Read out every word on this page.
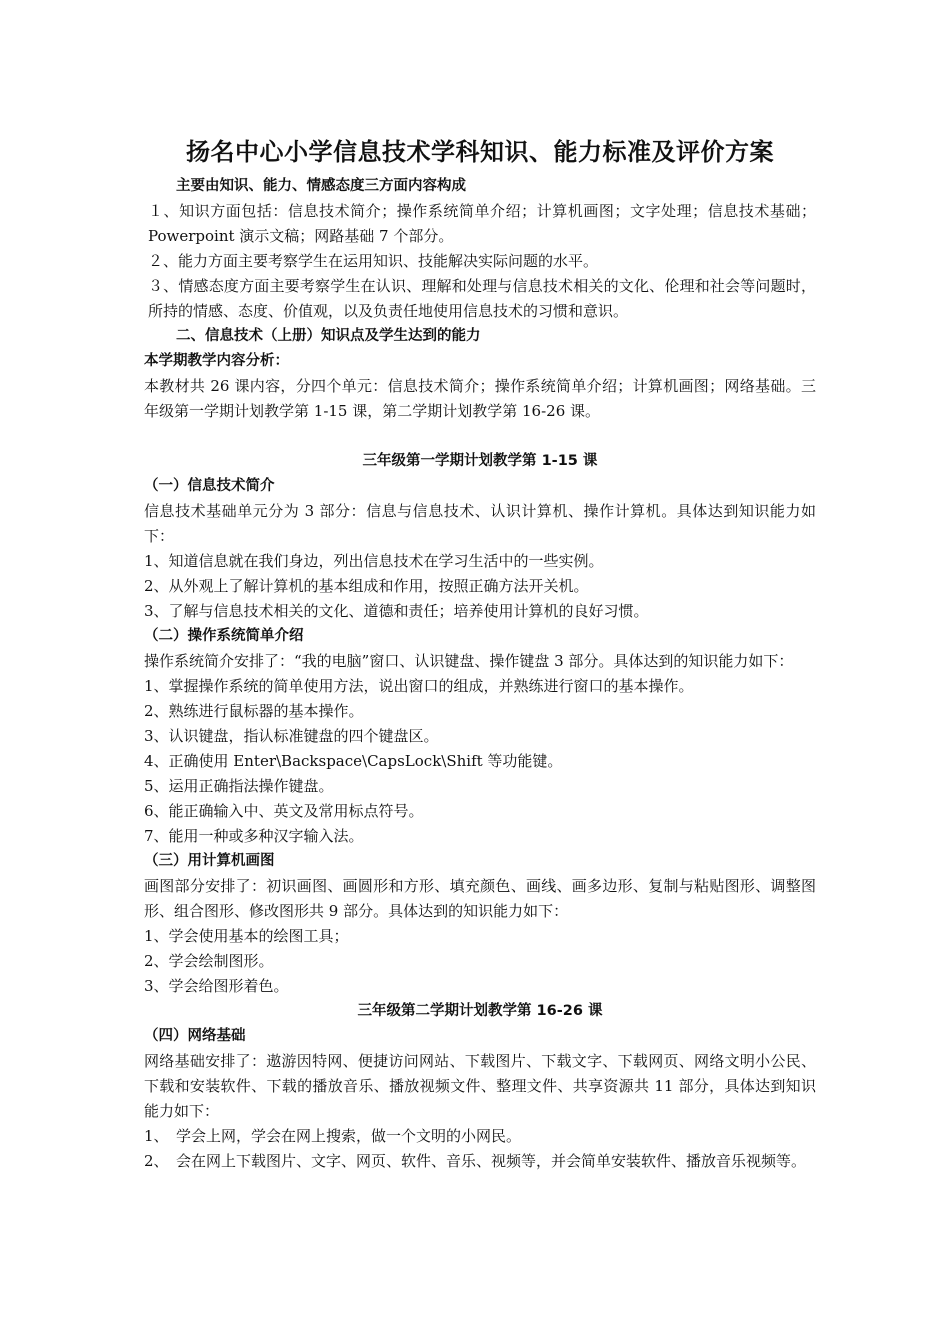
扬名中心小学信息技术学科知识、能力标准及评价方案

主要由知识、能力、情感态度三方面内容构成

１、知识方面包括：信息技术简介；操作系统简单介绍；计算机画图；文字处理；信息技术基础；Powerpoint 演示文稿；网路基础 7 个部分。

２、能力方面主要考察学生在运用知识、技能解决实际问题的水平。

３、情感态度方面主要考察学生在认识、理解和处理与信息技术相关的文化、伦理和社会等问题时，所持的情感、态度、价值观，以及负责任地使用信息技术的习惯和意识。

二、信息技术（上册）知识点及学生达到的能力

本学期教学内容分析：

本教材共 26 课内容，分四个单元：信息技术简介；操作系统简单介绍；计算机画图；网络基础。三年级第一学期计划教学第 1-15 课，第二学期计划教学第 16-26 课。

三年级第一学期计划教学第 1-15 课

（一）信息技术简介

信息技术基础单元分为 3 部分：信息与信息技术、认识计算机、操作计算机。具体达到知识能力如下：

1、知道信息就在我们身边，列出信息技术在学习生活中的一些实例。

2、从外观上了解计算机的基本组成和作用，按照正确方法开关机。

3、了解与信息技术相关的文化、道德和责任；培养使用计算机的良好习惯。

（二）操作系统简单介绍

操作系统简介安排了：“我的电脑”窗口、认识键盘、操作键盘 3 部分。具体达到的知识能力如下：

1、掌握操作系统的简单使用方法，说出窗口的组成，并熟练进行窗口的基本操作。

2、熟练进行鼠标器的基本操作。

3、认识键盘，指认标准键盘的四个键盘区。

4、正确使用 Enter\Backspace\CapsLock\Shift 等功能键。

5、运用正确指法操作键盘。

6、能正确输入中、英文及常用标点符号。

7、能用一种或多种汉字输入法。

（三）用计算机画图

画图部分安排了：初识画图、画圆形和方形、填充颜色、画线、画多边形、复制与粘贴图形、调整图形、组合图形、修改图形共 9 部分。具体达到的知识能力如下：

1、学会使用基本的绘图工具；

2、学会绘制图形。

3、学会给图形着色。

三年级第二学期计划教学第 16-26 课

（四）网络基础

网络基础安排了：遨游因特网、便捷访问网站、下载图片、下载文字、下载网页、网络文明小公民、下载和安装软件、下载的播放音乐、播放视频文件、整理文件、共享资源共 11 部分，具体达到知识能力如下：

1、　学会上网，学会在网上搜索，做一个文明的小网民。

2、　会在网上下载图片、文字、网页、软件、音乐、视频等，并会简单安装软件、播放音乐视频等。
